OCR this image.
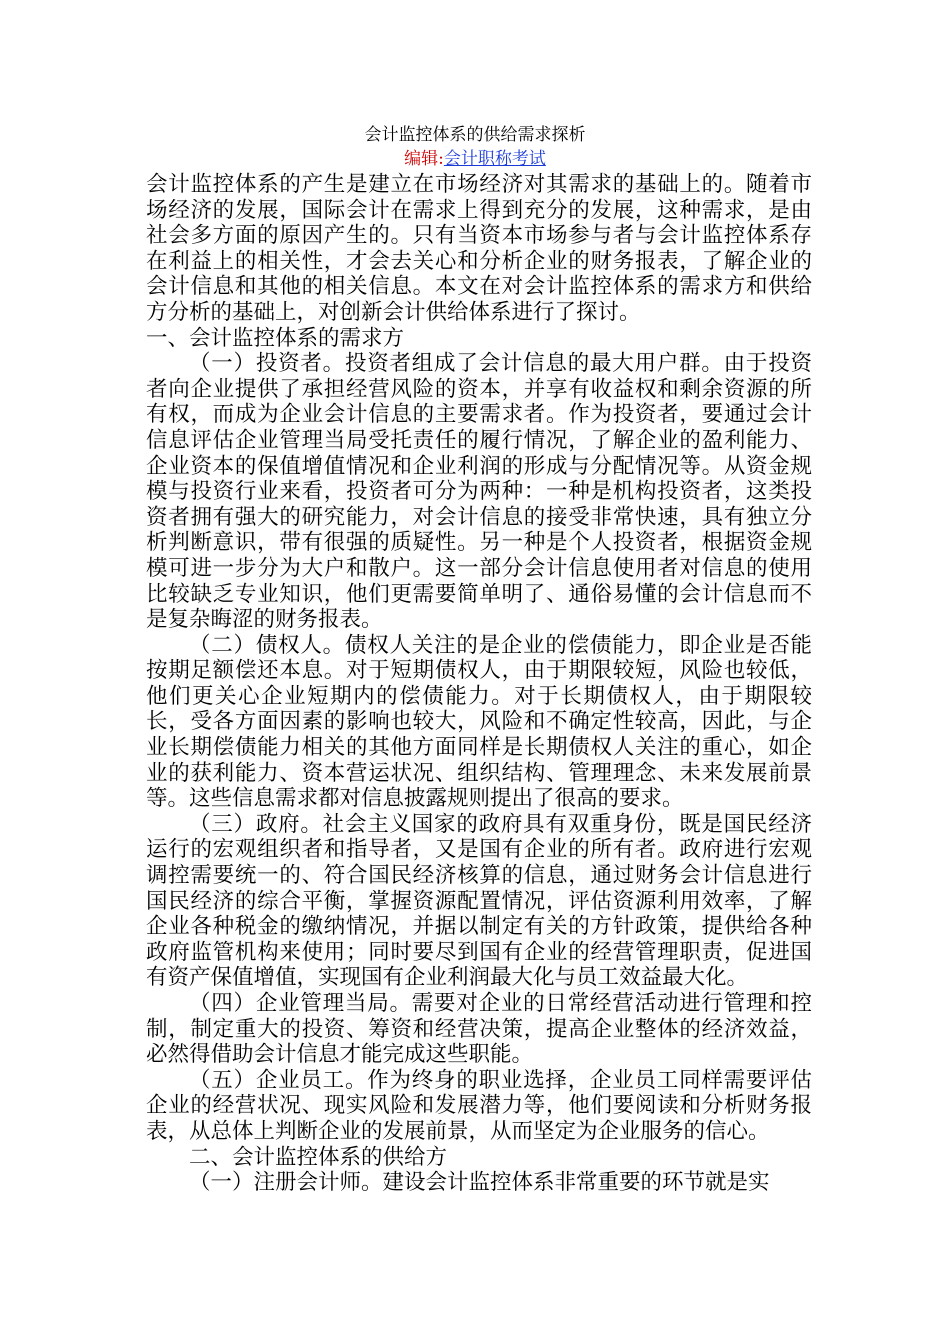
会计监控体系的供给需求探析
编辑:会计职称考试

会计监控体系的产生是建立在市场经济对其需求的基础上的。随着市场经济的发展，国际会计在需求上得到充分的发展，这种需求，是由社会多方面的原因产生的。只有当资本市场参与者与会计监控体系存在利益上的相关性，才会去关心和分析企业的财务报表，了解企业的会计信息和其他的相关信息。本文在对会计监控体系的需求方和供给方分析的基础上，对创新会计供给体系进行了探讨。

一、会计监控体系的需求方

（一）投资者。投资者组成了会计信息的最大用户群。由于投资者向企业提供了承担经营风险的资本，并享有收益权和剩余资源的所有权，而成为企业会计信息的主要需求者。作为投资者，要通过会计信息评估企业管理当局受托责任的履行情况，了解企业的盈利能力、企业资本的保值增值情况和企业利润的形成与分配情况等。从资金规模与投资行业来看，投资者可分为两种：一种是机构投资者，这类投资者拥有强大的研究能力，对会计信息的接受非常快速，具有独立分析判断意识，带有很强的质疑性。另一种是个人投资者，根据资金规模可进一步分为大户和散户。这一部分会计信息使用者对信息的使用比较缺乏专业知识，他们更需要简单明了、通俗易懂的会计信息而不是复杂晦涩的财务报表。

（二）债权人。债权人关注的是企业的偿债能力，即企业是否能按期足额偿还本息。对于短期债权人，由于期限较短，风险也较低，他们更关心企业短期内的偿债能力。对于长期债权人，由于期限较长，受各方面因素的影响也较大，风险和不确定性较高，因此，与企业长期偿债能力相关的其他方面同样是长期债权人关注的重心，如企业的获利能力、资本营运状况、组织结构、管理理念、未来发展前景等。这些信息需求都对信息披露规则提出了很高的要求。

（三）政府。社会主义国家的政府具有双重身份，既是国民经济运行的宏观组织者和指导者，又是国有企业的所有者。政府进行宏观调控需要统一的、符合国民经济核算的信息，通过财务会计信息进行国民经济的综合平衡，掌握资源配置情况，评估资源利用效率，了解企业各种税金的缴纳情况，并据以制定有关的方针政策，提供给各种政府监管机构来使用；同时要尽到国有企业的经营管理职责，促进国有资产保值增值，实现国有企业利润最大化与员工效益最大化。

（四）企业管理当局。需要对企业的日常经营活动进行管理和控制，制定重大的投资、筹资和经营决策，提高企业整体的经济效益，必然得借助会计信息才能完成这些职能。

（五）企业员工。作为终身的职业选择，企业员工同样需要评估企业的经营状况、现实风险和发展潜力等，他们要阅读和分析财务报表，从总体上判断企业的发展前景，从而坚定为企业服务的信心。

二、会计监控体系的供给方

（一）注册会计师。建设会计监控体系非常重要的环节就是实
